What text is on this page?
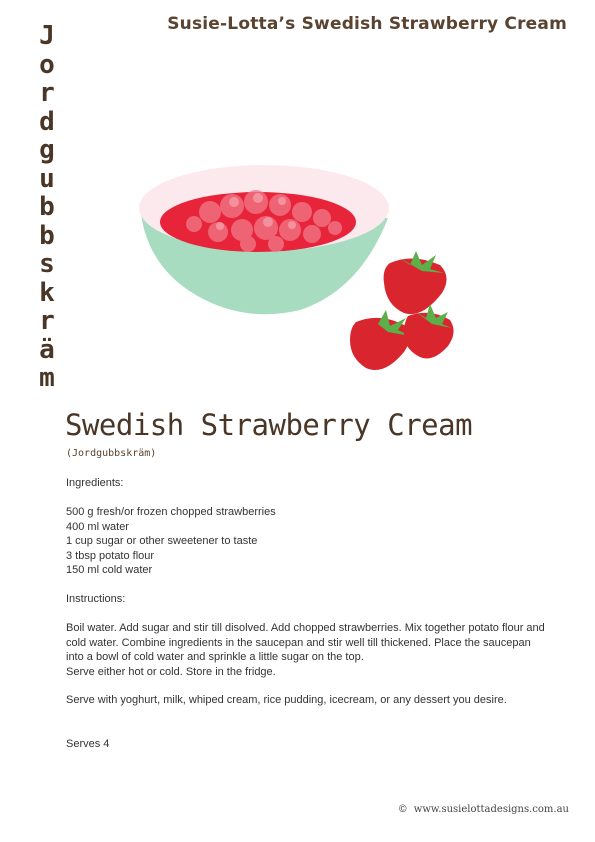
Susie-Lotta’s Swedish Strawberry Cream
J
o
r
d
g
u
b
b
s
k
r
ä
m
Swedish Strawberry Cream
(Jordgubbskräm)
Ingredients:
500 g fresh/or frozen chopped strawberries
400 ml water
1 cup sugar or other sweetener to taste
3 tbsp potato flour
150 ml cold water
Instructions:

Boil water. Add sugar and stir till disolved. Add chopped strawberries. Mix together potato flour and cold water. Combine ingredients in the saucepan and stir well till thickened. Place the saucepan into a bowl of cold water and sprinkle a little sugar on the top.

Serve either hot or cold. Store in the fridge.

Serve with yoghurt, milk, whiped cream, rice pudding, icecream, or any dessert you desire.
Serves 4
© www.susielottadesigns.com.au
